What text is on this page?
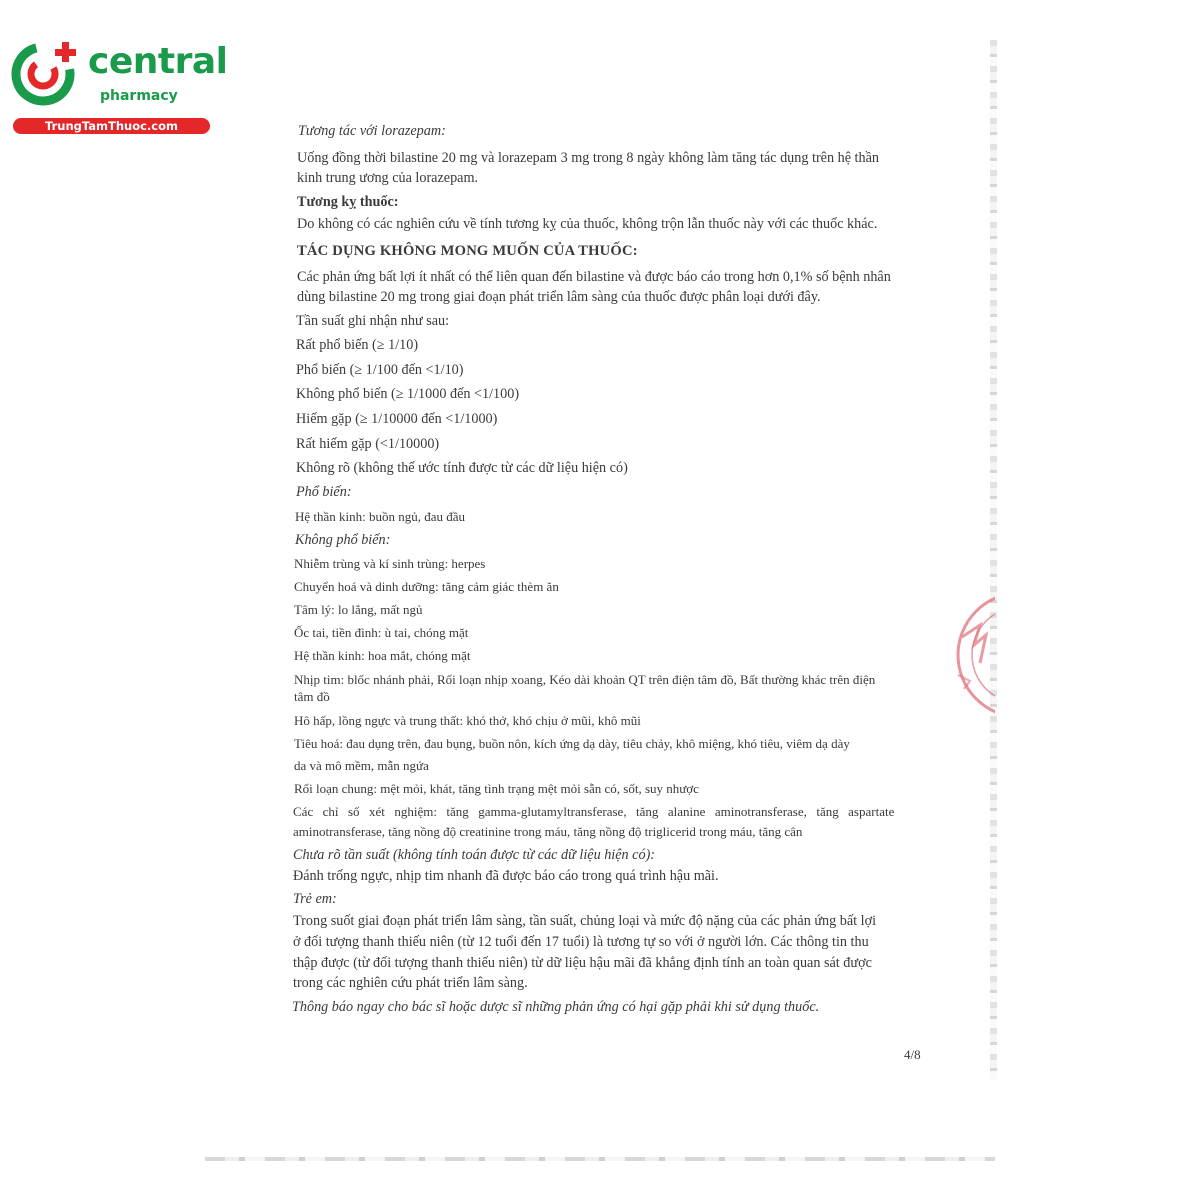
central
pharmacy
TrungTamThuoc.com	Tương tác với lorazepam:
Uống đồng thời bilastine 20 mg và lorazepam 3 mg trong 8 ngày không làm tăng tác dụng trên hệ thần
kinh trung ương của lorazepam.
Tương kỵ thuốc:
Do không có các nghiên cứu về tính tương kỵ của thuốc, không trộn lẫn thuốc này với các thuốc khác.
TÁC DỤNG KHÔNG MONG MUỐN CỦA THUỐC:
Các phản ứng bất lợi ít nhất có thể liên quan đến bilastine và được báo cáo trong hơn 0,1% số bệnh nhân
dùng bilastine 20 mg trong giai đoạn phát triển lâm sàng của thuốc được phân loại dưới đây.
Tần suất ghi nhận như sau:
Rất phổ biến (≥ 1/10)
Phổ biến (≥ 1/100 đến <1/10)
Không phổ biến (≥ 1/1000 đến <1/100)
Hiếm gặp (≥ 1/10000 đến <1/1000)
Rất hiếm gặp (<1/10000)
Không rõ (không thể ước tính được từ các dữ liệu hiện có)
Phổ biến:
Hệ thần kinh: buồn ngủ, đau đầu
Không phổ biến:
Nhiễm trùng và kí sinh trùng: herpes
Chuyển hoá và dinh dưỡng: tăng cảm giác thèm ăn
Tâm lý: lo lắng, mất ngủ
Ốc tai, tiền đình: ù tai, chóng mặt
Hệ thần kinh: hoa mắt, chóng mặt
Nhịp tim: blốc nhánh phải, Rối loạn nhịp xoang, Kéo dài khoản QT trên điện tâm đồ, Bất thường khác trên điện
tâm đồ
Hô hấp, lồng ngực và trung thất: khó thở, khó chịu ở mũi, khô mũi
Tiêu hoá: đau dụng trên, đau bụng, buồn nôn, kích ứng dạ dày, tiêu chảy, khô miệng, khó tiêu, viêm dạ dày
da và mô mềm, mẫn ngứa
Rối loạn chung: mệt mỏi, khát, tăng tình trạng mệt mỏi sẵn có, sốt, suy nhược
Các chỉ số xét nghiệm: tăng gamma-glutamyltransferase, tăng alanine aminotransferase, tăng aspartate
aminotransferase, tăng nồng độ creatinine trong máu, tăng nồng độ triglicerid trong máu, tăng cân
Chưa rõ tần suất (không tính toán được từ các dữ liệu hiện có):
Đánh trống ngực, nhịp tim nhanh đã được báo cáo trong quá trình hậu mãi.
Trẻ em:
Trong suốt giai đoạn phát triển lâm sàng, tần suất, chủng loại và mức độ nặng của các phản ứng bất lợi
ở đối tượng thanh thiếu niên (từ 12 tuổi đến 17 tuổi) là tương tự so với ở người lớn. Các thông tin thu
thập được (từ đối tượng thanh thiếu niên) từ dữ liệu hậu mãi đã khẳng định tính an toàn quan sát được
trong các nghiên cứu phát triển lâm sàng.
Thông báo ngay cho bác sĩ hoặc dược sĩ những phản ứng có hại gặp phải khi sử dụng thuốc.
4/8
